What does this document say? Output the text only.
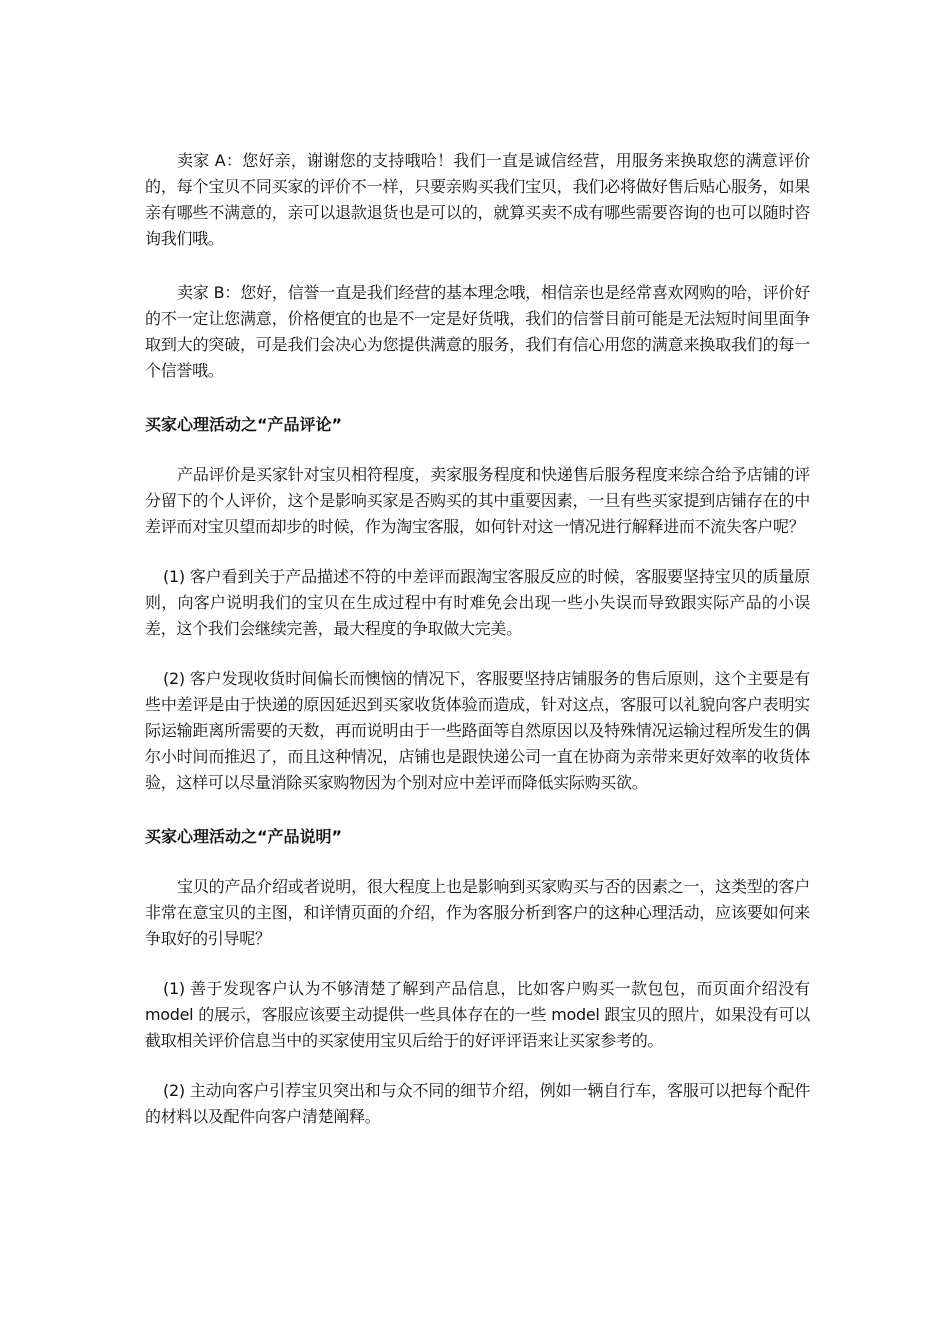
卖家 A：您好亲，谢谢您的支持哦哈！我们一直是诚信经营，用服务来换取您的满意评价的，每个宝贝不同买家的评价不一样，只要亲购买我们宝贝，我们必将做好售后贴心服务，如果亲有哪些不满意的，亲可以退款退货也是可以的，就算买卖不成有哪些需要咨询的也可以随时咨询我们哦。

卖家 B：您好，信誉一直是我们经营的基本理念哦，相信亲也是经常喜欢网购的哈，评价好的不一定让您满意，价格便宜的也是不一定是好货哦，我们的信誉目前可能是无法短时间里面争取到大的突破，可是我们会决心为您提供满意的服务，我们有信心用您的满意来换取我们的每一个信誉哦。

买家心理活动之“产品评论”

产品评价是买家针对宝贝相符程度，卖家服务程度和快递售后服务程度来综合给予店铺的评分留下的个人评价，这个是影响买家是否购买的其中重要因素，一旦有些买家提到店铺存在的中差评而对宝贝望而却步的时候，作为淘宝客服，如何针对这一情况进行解释进而不流失客户呢？

(1) 客户看到关于产品描述不符的中差评而跟淘宝客服反应的时候，客服要坚持宝贝的质量原则，向客户说明我们的宝贝在生成过程中有时难免会出现一些小失误而导致跟实际产品的小误差，这个我们会继续完善，最大程度的争取做大完美。

(2) 客户发现收货时间偏长而懊恼的情况下，客服要坚持店铺服务的售后原则，这个主要是有些中差评是由于快递的原因延迟到买家收货体验而造成，针对这点，客服可以礼貌向客户表明实际运输距离所需要的天数，再而说明由于一些路面等自然原因以及特殊情况运输过程所发生的偶尔小时间而推迟了，而且这种情况，店铺也是跟快递公司一直在协商为亲带来更好效率的收货体验，这样可以尽量消除买家购物因为个别对应中差评而降低实际购买欲。

买家心理活动之“产品说明”

宝贝的产品介绍或者说明，很大程度上也是影响到买家购买与否的因素之一，这类型的客户非常在意宝贝的主图，和详情页面的介绍，作为客服分析到客户的这种心理活动，应该要如何来争取好的引导呢？

(1) 善于发现客户认为不够清楚了解到产品信息，比如客户购买一款包包，而页面介绍没有 model 的展示，客服应该要主动提供一些具体存在的一些 model 跟宝贝的照片，如果没有可以截取相关评价信息当中的买家使用宝贝后给于的好评评语来让买家参考的。

(2) 主动向客户引荐宝贝突出和与众不同的细节介绍，例如一辆自行车，客服可以把每个配件的材料以及配件向客户清楚阐释。
